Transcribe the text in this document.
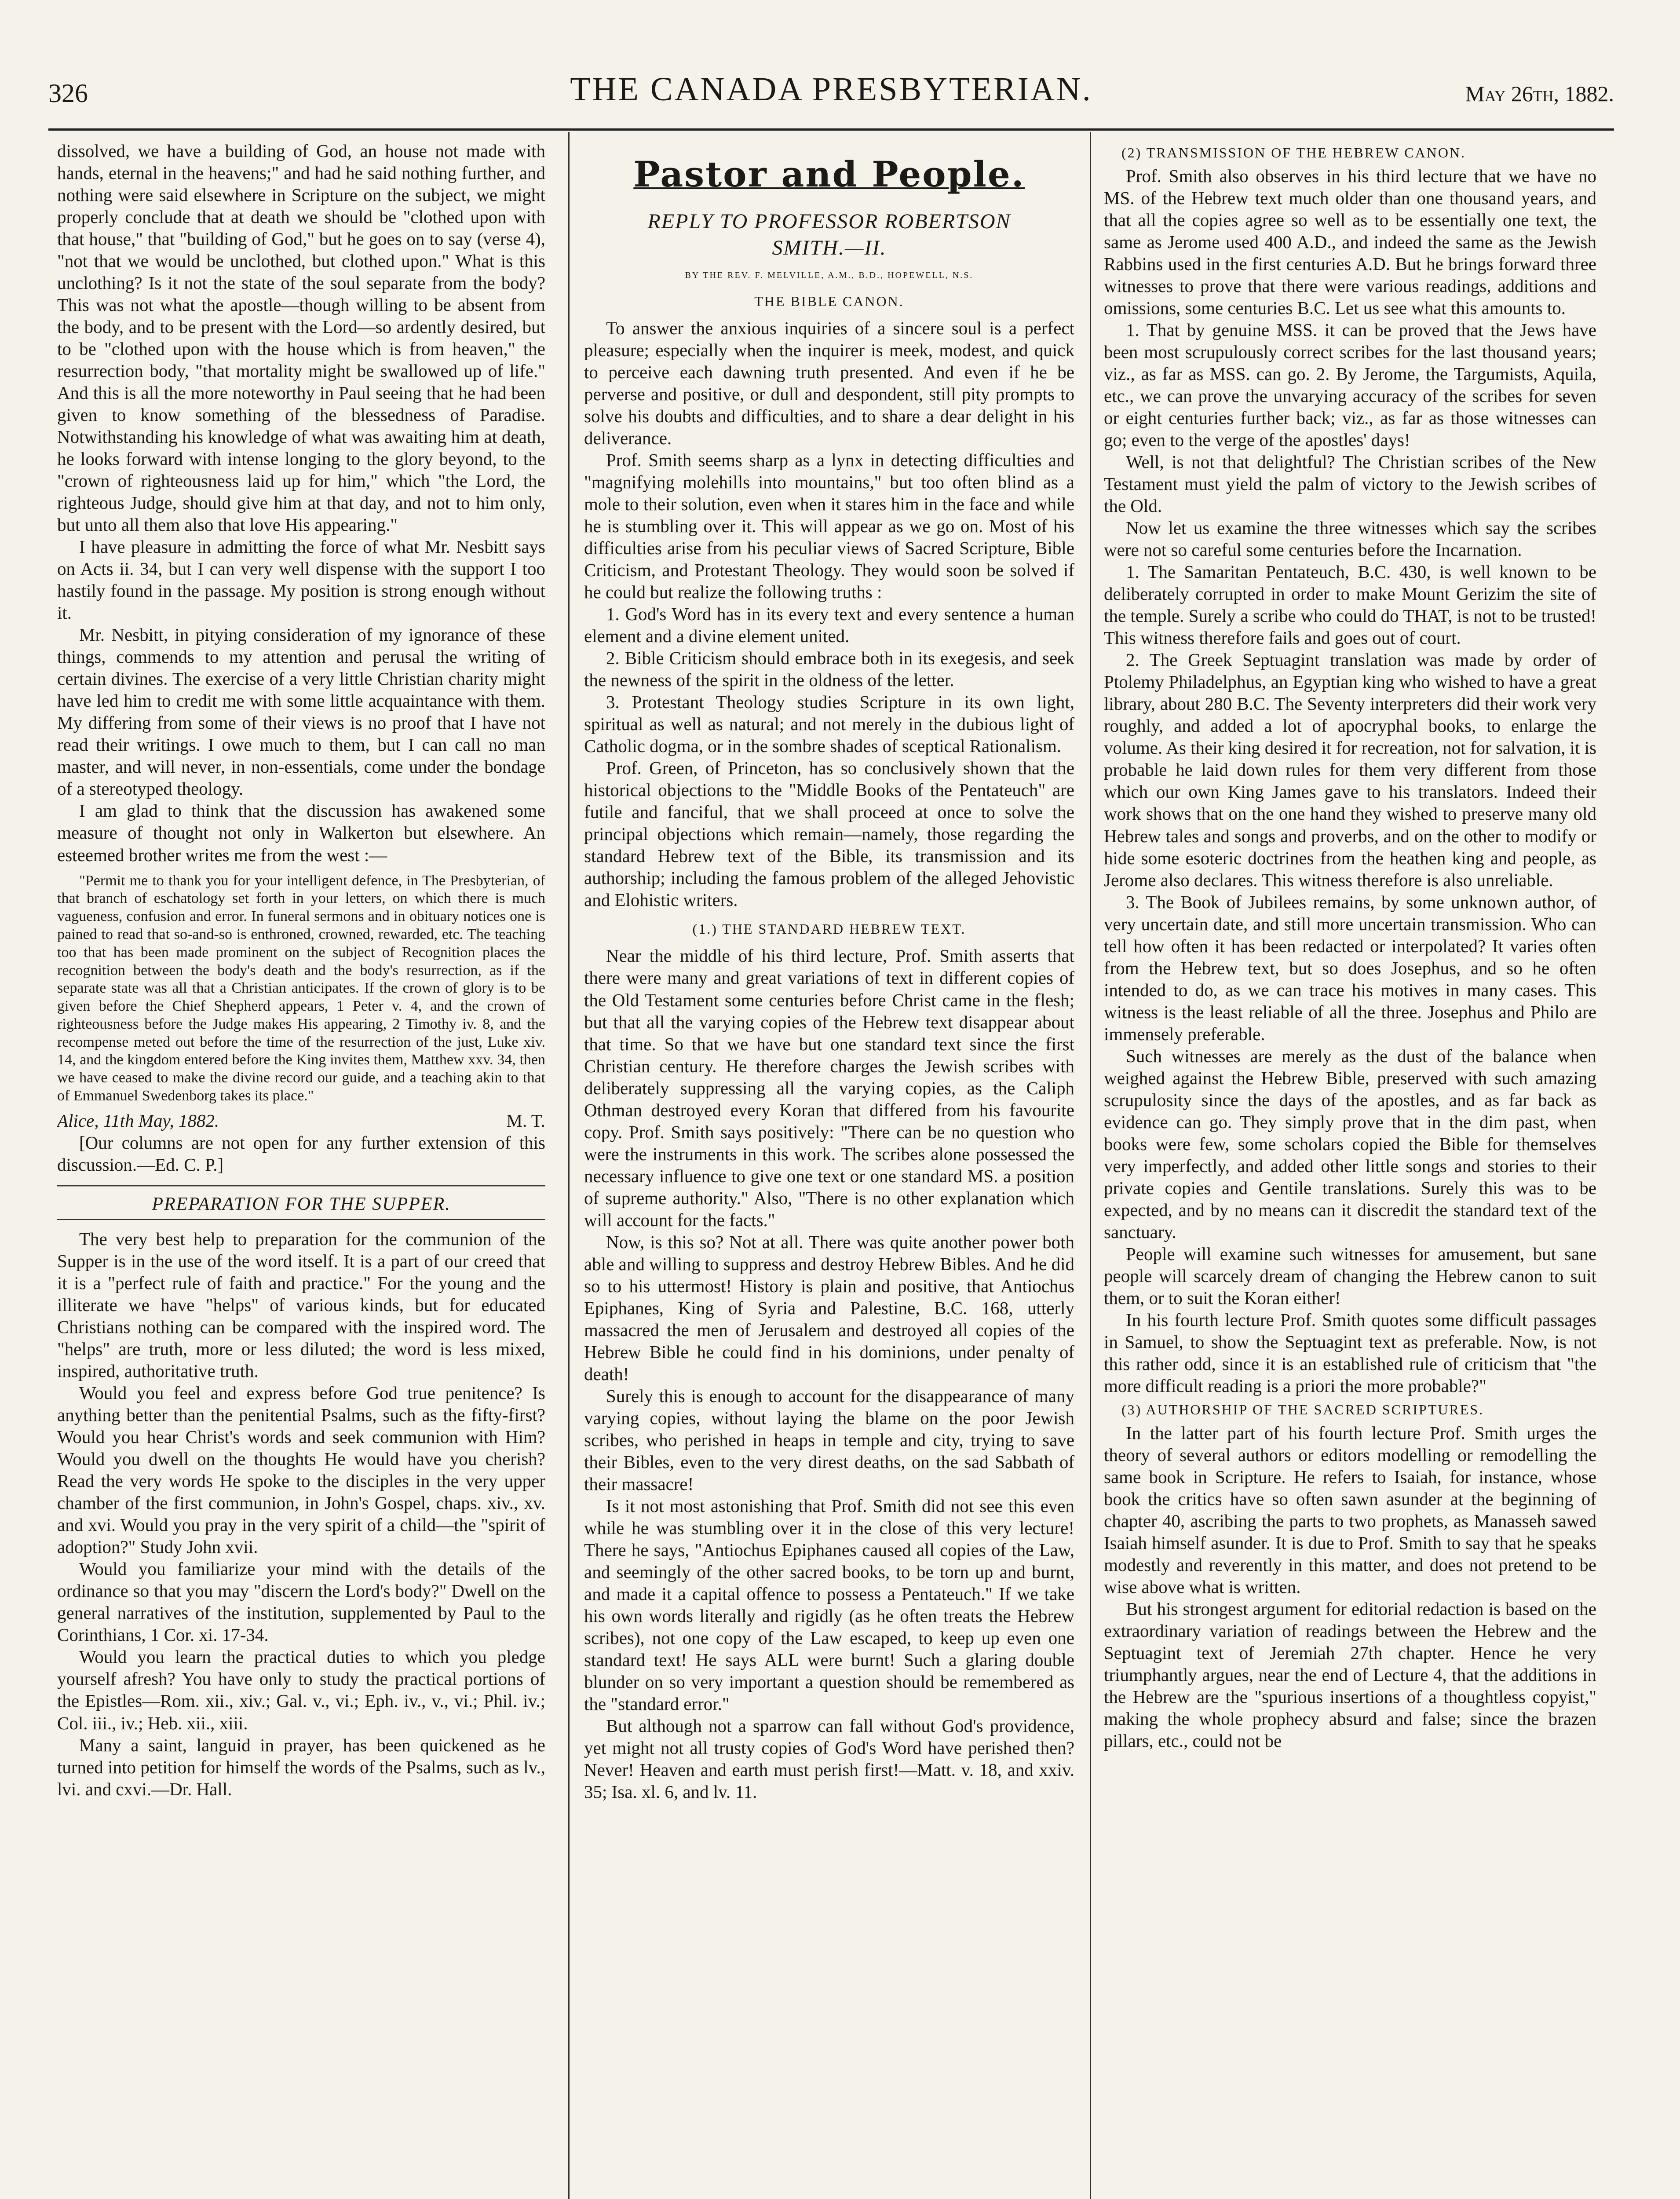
326	THE CANADA PRESBYTERIAN.	May 26th, 1882.

dissolved, we have a building of God, an house not made with hands, eternal in the heavens;" and had he said nothing further, and nothing were said elsewhere in Scripture on the subject, we might properly conclude that at death we should be "clothed upon with that house," that "building of God," but he goes on to say (verse 4), "not that we would be unclothed, but clothed upon." What is this unclothing? Is it not the state of the soul separate from the body? This was not what the apostle—though willing to be absent from the body, and to be present with the Lord—so ardently desired, but to be "clothed upon with the house which is from heaven," the resurrection body, "that mortality might be swallowed up of life." And this is all the more noteworthy in Paul seeing that he had been given to know something of the blessedness of Paradise. Notwithstanding his knowledge of what was awaiting him at death, he looks forward with intense longing to the glory beyond, to the "crown of righteousness laid up for him," which "the Lord, the righteous Judge, should give him at that day, and not to him only, but unto all them also that love His appearing."

I have pleasure in admitting the force of what Mr. Nesbitt says on Acts ii. 34, but I can very well dispense with the support I too hastily found in the passage. My position is strong enough without it.

Mr. Nesbitt, in pitying consideration of my ignorance of these things, commends to my attention and perusal the writing of certain divines. The exercise of a very little Christian charity might have led him to credit me with some little acquaintance with them. My differing from some of their views is no proof that I have not read their writings. I owe much to them, but I can call no man master, and will never, in non-essentials, come under the bondage of a stereotyped theology.

I am glad to think that the discussion has awakened some measure of thought not only in Walkerton but elsewhere. An esteemed brother writes me from the west :—

"Permit me to thank you for your intelligent defence, in The Presbyterian, of that branch of eschatology set forth in your letters, on which there is much vagueness, confusion and error. In funeral sermons and in obituary notices one is pained to read that so-and-so is enthroned, crowned, rewarded, etc. The teaching too that has been made prominent on the subject of Recognition places the recognition between the body's death and the body's resurrection, as if the separate state was all that a Christian anticipates. If the crown of glory is to be given before the Chief Shepherd appears, 1 Peter v. 4, and the crown of righteousness before the Judge makes His appearing, 2 Timothy iv. 8, and the recompense meted out before the time of the resurrection of the just, Luke xiv. 14, and the kingdom entered before the King invites them, Matthew xxv. 34, then we have ceased to make the divine record our guide, and a teaching akin to that of Emmanuel Swedenborg takes its place."

Alice, 11th May, 1882.	M. T.

[Our columns are not open for any further extension of this discussion.—Ed. C. P.]

PREPARATION FOR THE SUPPER.

The very best help to preparation for the communion of the Supper is in the use of the word itself. It is a part of our creed that it is a "perfect rule of faith and practice." For the young and the illiterate we have "helps" of various kinds, but for educated Christians nothing can be compared with the inspired word. The "helps" are truth, more or less diluted; the word is less mixed, inspired, authoritative truth.

Would you feel and express before God true penitence? Is anything better than the penitential Psalms, such as the fifty-first? Would you hear Christ's words and seek communion with Him? Would you dwell on the thoughts He would have you cherish? Read the very words He spoke to the disciples in the very upper chamber of the first communion, in John's Gospel, chaps. xiv., xv. and xvi. Would you pray in the very spirit of a child—the "spirit of adoption?" Study John xvii.

Would you familiarize your mind with the details of the ordinance so that you may "discern the Lord's body?" Dwell on the general narratives of the institution, supplemented by Paul to the Corinthians, 1 Cor. xi. 17-34.

Would you learn the practical duties to which you pledge yourself afresh? You have only to study the practical portions of the Epistles—Rom. xii., xiv.; Gal. v., vi.; Eph. iv., v., vi.; Phil. iv.; Col. iii., iv.; Heb. xii., xiii.

Many a saint, languid in prayer, has been quickened as he turned into petition for himself the words of the Psalms, such as lv., lvi. and cxvi.—Dr. Hall.

Pastor and People.
REPLY TO PROFESSOR ROBERTSON SMITH.—II.
BY THE REV. F. MELVILLE, A.M., B.D., HOPEWELL, N.S.
THE BIBLE CANON.

To answer the anxious inquiries of a sincere soul is a perfect pleasure; especially when the inquirer is meek, modest, and quick to perceive each dawning truth presented. And even if he be perverse and positive, or dull and despondent, still pity prompts to solve his doubts and difficulties, and to share a dear delight in his deliverance.

Prof. Smith seems sharp as a lynx in detecting difficulties and "magnifying molehills into mountains," but too often blind as a mole to their solution, even when it stares him in the face and while he is stumbling over it. This will appear as we go on. Most of his difficulties arise from his peculiar views of Sacred Scripture, Bible Criticism, and Protestant Theology. They would soon be solved if he could but realize the following truths :

1. God's Word has in its every text and every sentence a human element and a divine element united.

2. Bible Criticism should embrace both in its exegesis, and seek the newness of the spirit in the oldness of the letter.

3. Protestant Theology studies Scripture in its own light, spiritual as well as natural; and not merely in the dubious light of Catholic dogma, or in the sombre shades of sceptical Rationalism.

Prof. Green, of Princeton, has so conclusively shown that the historical objections to the "Middle Books of the Pentateuch" are futile and fanciful, that we shall proceed at once to solve the principal objections which remain—namely, those regarding the standard Hebrew text of the Bible, its transmission and its authorship; including the famous problem of the alleged Jehovistic and Elohistic writers.

(1.) THE STANDARD HEBREW TEXT.

Near the middle of his third lecture, Prof. Smith asserts that there were many and great variations of text in different copies of the Old Testament some centuries before Christ came in the flesh; but that all the varying copies of the Hebrew text disappear about that time. So that we have but one standard text since the first Christian century. He therefore charges the Jewish scribes with deliberately suppressing all the varying copies, as the Caliph Othman destroyed every Koran that differed from his favourite copy. Prof. Smith says positively: "There can be no question who were the instruments in this work. The scribes alone possessed the necessary influence to give one text or one standard MS. a position of supreme authority." Also, "There is no other explanation which will account for the facts."

Now, is this so? Not at all. There was quite another power both able and willing to suppress and destroy Hebrew Bibles. And he did so to his uttermost! History is plain and positive, that Antiochus Epiphanes, King of Syria and Palestine, B.C. 168, utterly massacred the men of Jerusalem and destroyed all copies of the Hebrew Bible he could find in his dominions, under penalty of death!

Surely this is enough to account for the disappearance of many varying copies, without laying the blame on the poor Jewish scribes, who perished in heaps in temple and city, trying to save their Bibles, even to the very direst deaths, on the sad Sabbath of their massacre!

Is it not most astonishing that Prof. Smith did not see this even while he was stumbling over it in the close of this very lecture! There he says, "Antiochus Epiphanes caused all copies of the Law, and seemingly of the other sacred books, to be torn up and burnt, and made it a capital offence to possess a Pentateuch." If we take his own words literally and rigidly (as he often treats the Hebrew scribes), not one copy of the Law escaped, to keep up even one standard text! He says ALL were burnt! Such a glaring double blunder on so very important a question should be remembered as the "standard error."

But although not a sparrow can fall without God's providence, yet might not all trusty copies of God's Word have perished then? Never! Heaven and earth must perish first!—Matt. v. 18, and xxiv. 35; Isa. xl. 6, and lv. 11.

(2) TRANSMISSION OF THE HEBREW CANON.

Prof. Smith also observes in his third lecture that we have no MS. of the Hebrew text much older than one thousand years, and that all the copies agree so well as to be essentially one text, the same as Jerome used 400 A.D., and indeed the same as the Jewish Rabbins used in the first centuries A.D. But he brings forward three witnesses to prove that there were various readings, additions and omissions, some centuries B.C. Let us see what this amounts to.

1. That by genuine MSS. it can be proved that the Jews have been most scrupulously correct scribes for the last thousand years; viz., as far as MSS. can go. 2. By Jerome, the Targumists, Aquila, etc., we can prove the unvarying accuracy of the scribes for seven or eight centuries further back; viz., as far as those witnesses can go; even to the verge of the apostles' days!

Well, is not that delightful? The Christian scribes of the New Testament must yield the palm of victory to the Jewish scribes of the Old.

Now let us examine the three witnesses which say the scribes were not so careful some centuries before the Incarnation.

1. The Samaritan Pentateuch, B.C. 430, is well known to be deliberately corrupted in order to make Mount Gerizim the site of the temple. Surely a scribe who could do THAT, is not to be trusted! This witness therefore fails and goes out of court.

2. The Greek Septuagint translation was made by order of Ptolemy Philadelphus, an Egyptian king who wished to have a great library, about 280 B.C. The Seventy interpreters did their work very roughly, and added a lot of apocryphal books, to enlarge the volume. As their king desired it for recreation, not for salvation, it is probable he laid down rules for them very different from those which our own King James gave to his translators. Indeed their work shows that on the one hand they wished to preserve many old Hebrew tales and songs and proverbs, and on the other to modify or hide some esoteric doctrines from the heathen king and people, as Jerome also declares. This witness therefore is also unreliable.

3. The Book of Jubilees remains, by some unknown author, of very uncertain date, and still more uncertain transmission. Who can tell how often it has been redacted or interpolated? It varies often from the Hebrew text, but so does Josephus, and so he often intended to do, as we can trace his motives in many cases. This witness is the least reliable of all the three. Josephus and Philo are immensely preferable.

Such witnesses are merely as the dust of the balance when weighed against the Hebrew Bible, preserved with such amazing scrupulosity since the days of the apostles, and as far back as evidence can go. They simply prove that in the dim past, when books were few, some scholars copied the Bible for themselves very imperfectly, and added other little songs and stories to their private copies and Gentile translations. Surely this was to be expected, and by no means can it discredit the standard text of the sanctuary.

People will examine such witnesses for amusement, but sane people will scarcely dream of changing the Hebrew canon to suit them, or to suit the Koran either!

In his fourth lecture Prof. Smith quotes some difficult passages in Samuel, to show the Septuagint text as preferable. Now, is not this rather odd, since it is an established rule of criticism that "the more difficult reading is a priori the more probable?"

(3) AUTHORSHIP OF THE SACRED SCRIPTURES.

In the latter part of his fourth lecture Prof. Smith urges the theory of several authors or editors modelling or remodelling the same book in Scripture. He refers to Isaiah, for instance, whose book the critics have so often sawn asunder at the beginning of chapter 40, ascribing the parts to two prophets, as Manasseh sawed Isaiah himself asunder. It is due to Prof. Smith to say that he speaks modestly and reverently in this matter, and does not pretend to be wise above what is written.

But his strongest argument for editorial redaction is based on the extraordinary variation of readings between the Hebrew and the Septuagint text of Jeremiah 27th chapter. Hence he very triumphantly argues, near the end of Lecture 4, that the additions in the Hebrew are the "spurious insertions of a thoughtless copyist," making the whole prophecy absurd and false; since the brazen pillars, etc., could not be
